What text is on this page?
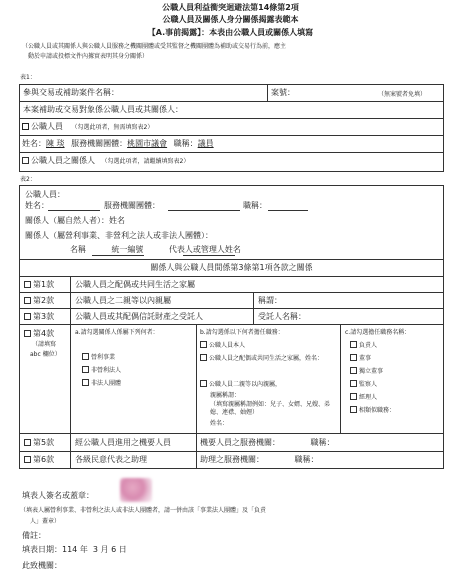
公職人員利益衝突迴避法第14條第2項
公職人員及關係人身分關係揭露表範本
【A.事前揭露】：本表由公職人員或關係人填寫
（公職人員或其關係人與公職人員服務之機關團體或受其監督之機關團體為補助或交易行為前，應主
動於申請或投標文件內據實表明其身分關係）
表1：
參與交易或補助案件名稱：	案號：	（無案號者免填）
本案補助或交易對象係公職人員或其關係人：
公職人員 （勾選此項者，無需填寫表2）
姓名：陳 琰 服務機關團體：桃園市議會 職稱：議員
公職人員之關係人 （勾選此項者，請繼續填寫表2）
表2：
公職人員：
姓名：	服務機關團體：	職稱：
關係人（屬自然人者）：姓名
關係人（屬營利事業、非營利之法人或非法人團體）：
名稱          統一編號          代表人或管理人姓名
關係人與公職人員間係第3條第1項各款之關係
第1款	公職人員之配偶或共同生活之家屬
第2款	公職人員之二親等以內親屬	稱謂：
第3款	公職人員或其配偶信託財產之受託人	受託人名稱：
第4款
（請填寫
abc 欄位）
a.請勾選關係人係屬下列何者：
營利事業
非營利法人
非法人團體
b.請勾選係以下何者擔任職務：
公職人員本人
公職人員之配偶或共同生活之家屬，姓名：
公職人員二親等以內親屬，
親屬稱謂：
（填寫親屬稱謂例如：兒子、女婿、兄嫂、弟媳、連襟、妯娌）
姓名：
c.請勾選擔任職務名稱：
負責人
董事
獨立董事
監察人
經理人
相類似職務：
第5款	經公職人員進用之機要人員	機要人員之服務機關：            職稱：
第6款	各級民意代表之助理	助理之服務機關：            職稱：
填表人簽名或蓋章：
（填表人屬營利事業、非營利之法人或非法人團體者，請一併由該「事業法人團體」及「負責
人」蓋章）
備註：
填表日期： 114 年  3 月 6 日
此致機關：
